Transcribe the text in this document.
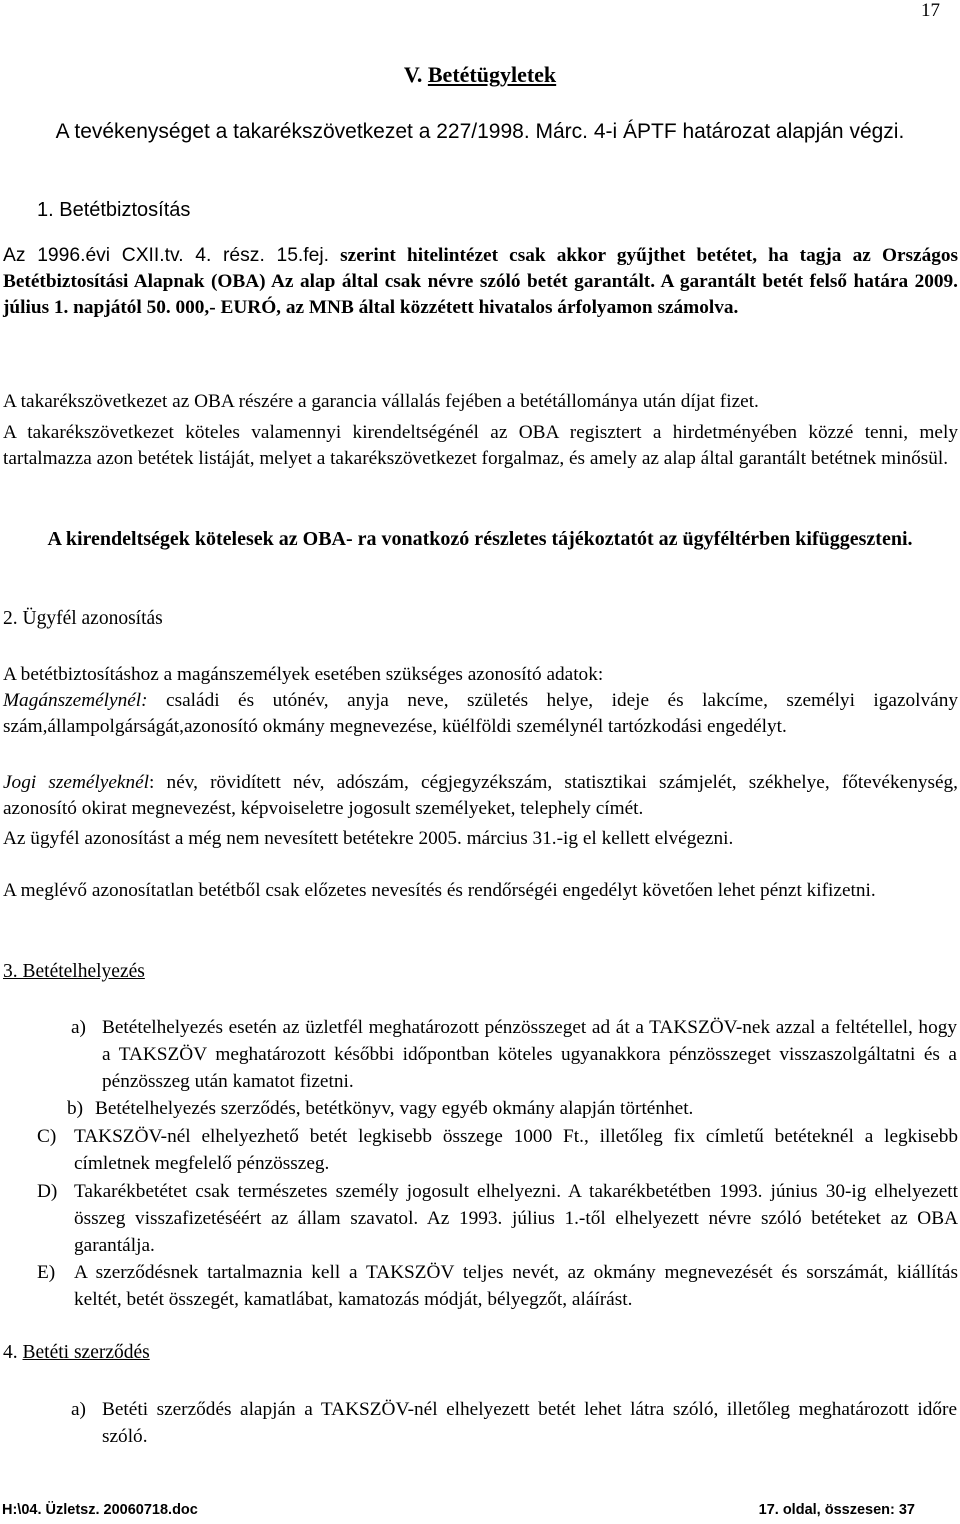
17
V. Betétügyletek
A tevékenységet a takarékszövetkezet a 227/1998. Márc. 4-i ÁPTF határozat alapján végzi.
1. Betétbiztosítás

Az 1996.évi CXII.tv. 4. rész. 15.fej. szerint hitelintézet csak akkor gyűjthet betétet, ha tagja az Országos Betétbiztosítási Alapnak (OBA) Az alap által csak névre szóló betét garantált. A garantált betét felső határa 2009. július 1. napjától 50. 000,- EURÓ, az MNB által közzétett hivatalos árfolyamon számolva.

A takarékszövetkezet az OBA részére a garancia vállalás fejében a betétállománya után díjat fizet.
A takarékszövetkezet köteles valamennyi kirendeltségénél az OBA regisztert a hirdetményében közzé tenni, mely tartalmazza azon betétek listáját, melyet a takarékszövetkezet forgalmaz, és amely az alap által garantált betétnek minősül.
A kirendeltségek kötelesek az OBA- ra vonatkozó részletes tájékoztatót az ügyféltérben kifüggeszteni.
2. Ügyfél azonosítás
A betétbiztosításhoz a magánszemélyek esetében szükséges azonosító adatok:

Magánszemélynél: családi és utónév, anyja neve, születés helye, ideje és lakcíme, személyi igazolvány szám,állampolgárságát,azonosító okmány megnevezése, küélföldi személynél tartózkodási engedélyt.

Jogi személyeknél: név, rövidített név, adószám, cégjegyzékszám, statisztikai számjelét, székhelye, főtevékenység, azonosító okirat megnevezést, képvoiseletre jogosult személyeket, telephely címét.

Az ügyfél azonosítást a még nem nevesített betétekre 2005. március 31.-ig el kellett elvégezni.
A meglévő azonosítatlan betétből csak előzetes nevesítés és rendőrségéi engedélyt követően lehet pénzt kifizetni.
3. Betételhelyezés
a) Betételhelyezés esetén az üzletfél meghatározott pénzösszeget ad át a TAKSZÖV-nek azzal a feltétellel, hogy a TAKSZÖV meghatározott későbbi időpontban köteles ugyanakkora pénzösszeget visszaszolgáltatni és a pénzösszeg után kamatot fizetni.
b) Betételhelyezés szerződés, betétkönyv, vagy egyéb okmány alapján történhet.
C) TAKSZÖV-nél elhelyezhető betét legkisebb összege 1000 Ft., illetőleg fix címletű betéteknél a legkisebb címletnek megfelelő pénzösszeg.
D) Takarékbetétet csak természetes személy jogosult elhelyezni. A takarékbetétben 1993. június 30-ig elhelyezett összeg visszafizetéséért az állam szavatol. Az 1993. július 1.-től elhelyezett névre szóló betéteket az OBA garantálja.
E) A szerződésnek tartalmaznia kell a TAKSZÖV teljes nevét, az okmány megnevezését és sorszámát, kiállítás keltét, betét összegét, kamatlábat, kamatozás módját, bélyegzőt, aláírást.
4. Betéti szerződés
a) Betéti szerződés alapján a TAKSZÖV-nél elhelyezett betét lehet látra szóló, illetőleg meghatározott időre szóló.
H:\04. Üzletsz. 20060718.doc	17. oldal, összesen: 37
